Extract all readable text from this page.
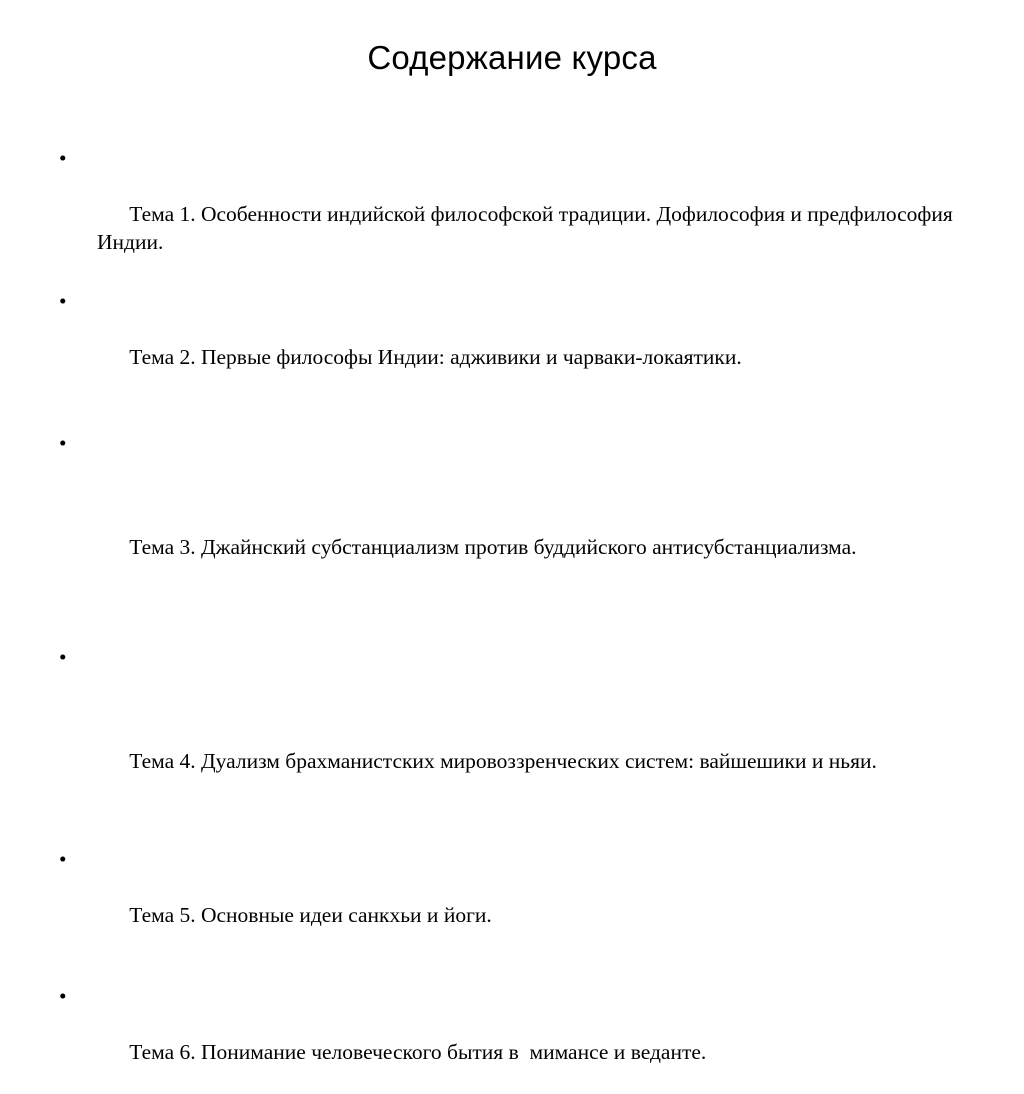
Содержание курса

•

Тема 1. Особенности индийской философской традиции. Дофилософия и предфилософия Индии.

•

Тема 2. Первые философы Индии: адживики и чарваки-локаятики.

•

Тема 3. Джайнский субстанциализм против буддийского антисубстанциализма.

•

Тема 4. Дуализм брахманистских мировоззренческих систем: вайшешики и ньяи.

•

Тема 5. Основные идеи санкхьи и йоги.

•

Тема 6. Понимание человеческого бытия в  мимансе и веданте.
